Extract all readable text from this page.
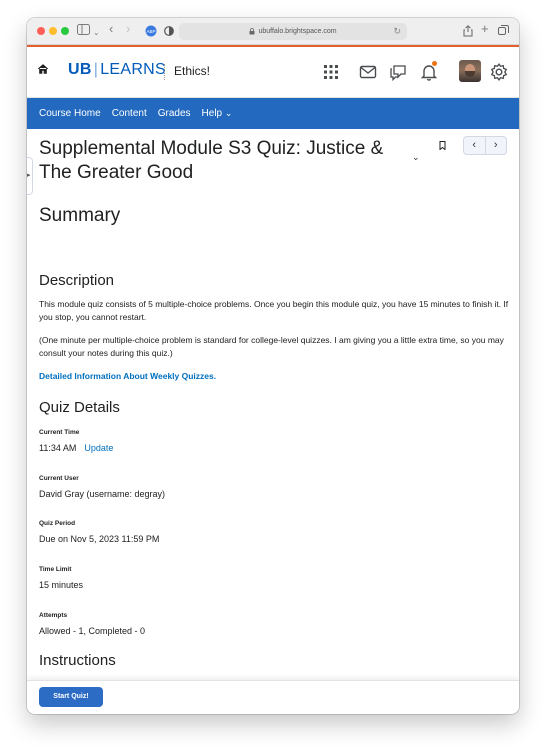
⌄ ‹ ›	ABP	ubuffalo.brightspace.com	↻	+
UB | LEARNS Ethics!
Course Home Content Grades Help ⌄
▸
Supplemental Module S3 Quiz: Justice & The Greater Good
⌄
‹	›
Summary
Description

This module quiz consists of 5 multiple-choice problems. Once you begin this module quiz, you have 15 minutes to finish it. If you stop, you cannot restart.

(One minute per multiple-choice problem is standard for college-level quizzes. I am giving you a little extra time, so you may consult your notes during this quiz.)

Detailed Information About Weekly Quizzes.
Quiz Details
Current Time
11:34 AM Update
Current User
David Gray (username: degray)
Quiz Period
Due on Nov 5, 2023 11:59 PM
Time Limit
15 minutes
Attempts
Allowed - 1, Completed - 0
Instructions

Start Quiz!
